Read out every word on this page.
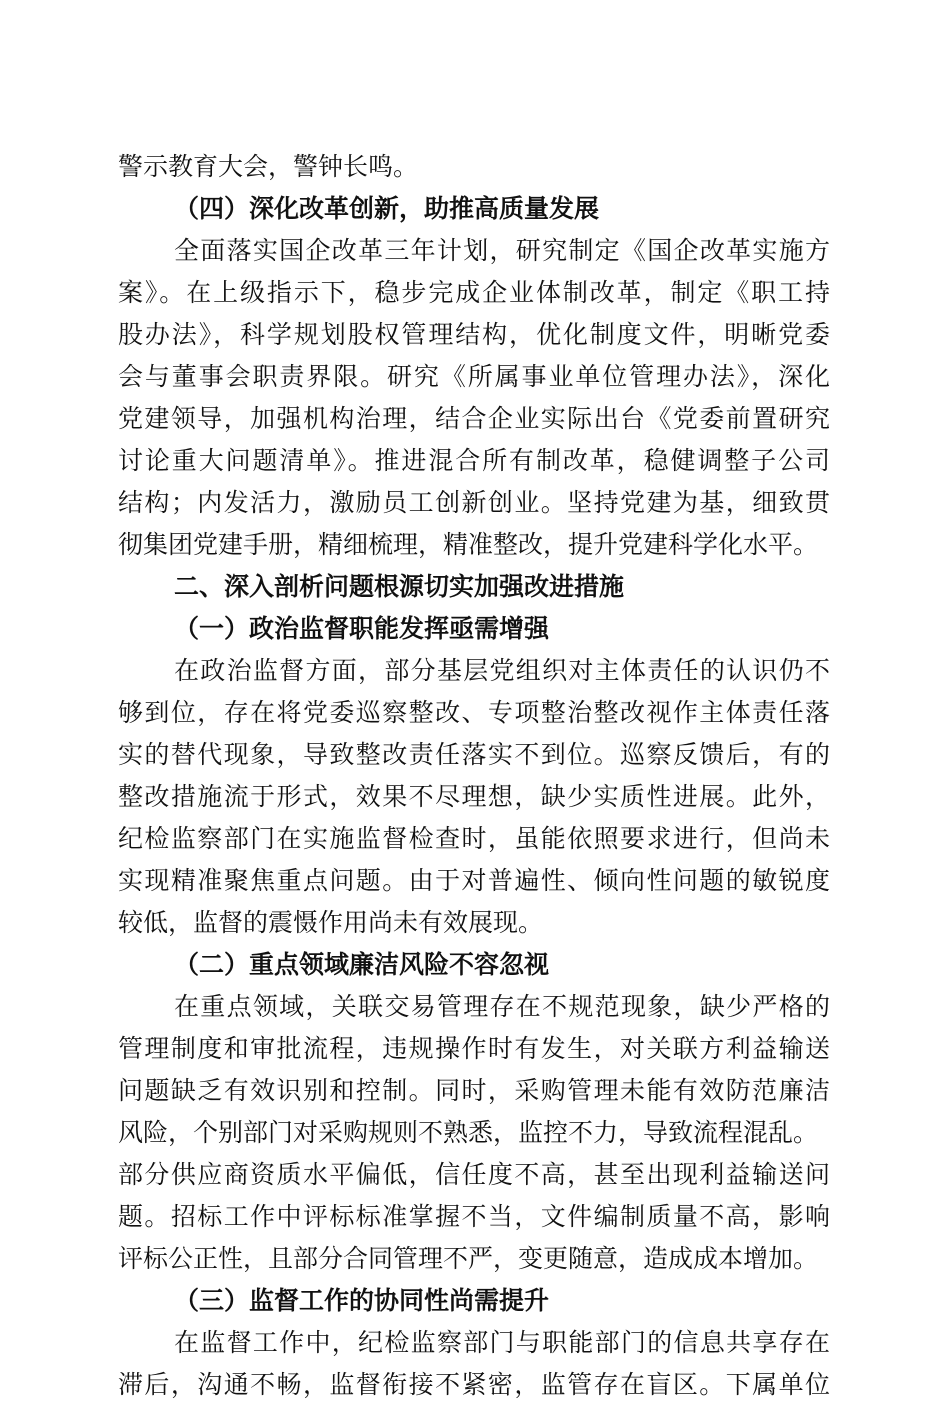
警示教育大会，警钟长鸣。
（四）深化改革创新，助推高质量发展
全面落实国企改革三年计划，研究制定《国企改革实施方
案》。在上级指示下，稳步完成企业体制改革，制定《职工持
股办法》，科学规划股权管理结构，优化制度文件，明晰党委
会与董事会职责界限。研究《所属事业单位管理办法》，深化
党建领导，加强机构治理，结合企业实际出台《党委前置研究
讨论重大问题清单》。推进混合所有制改革，稳健调整子公司
结构；内发活力，激励员工创新创业。坚持党建为基，细致贯
彻集团党建手册，精细梳理，精准整改，提升党建科学化水平。
二、深入剖析问题根源切实加强改进措施
（一）政治监督职能发挥亟需增强
在政治监督方面，部分基层党组织对主体责任的认识仍不
够到位，存在将党委巡察整改、专项整治整改视作主体责任落
实的替代现象，导致整改责任落实不到位。巡察反馈后，有的
整改措施流于形式，效果不尽理想，缺少实质性进展。此外，
纪检监察部门在实施监督检查时，虽能依照要求进行，但尚未
实现精准聚焦重点问题。由于对普遍性、倾向性问题的敏锐度
较低，监督的震慑作用尚未有效展现。
（二）重点领域廉洁风险不容忽视
在重点领域，关联交易管理存在不规范现象，缺少严格的
管理制度和审批流程，违规操作时有发生，对关联方利益输送
问题缺乏有效识别和控制。同时，采购管理未能有效防范廉洁
风险，个别部门对采购规则不熟悉，监控不力，导致流程混乱。
部分供应商资质水平偏低，信任度不高，甚至出现利益输送问
题。招标工作中评标标准掌握不当，文件编制质量不高，影响
评标公正性，且部分合同管理不严，变更随意，造成成本增加。
（三）监督工作的协同性尚需提升
在监督工作中，纪检监察部门与职能部门的信息共享存在
滞后，沟通不畅，监督衔接不紧密，监管存在盲区。下属单位
